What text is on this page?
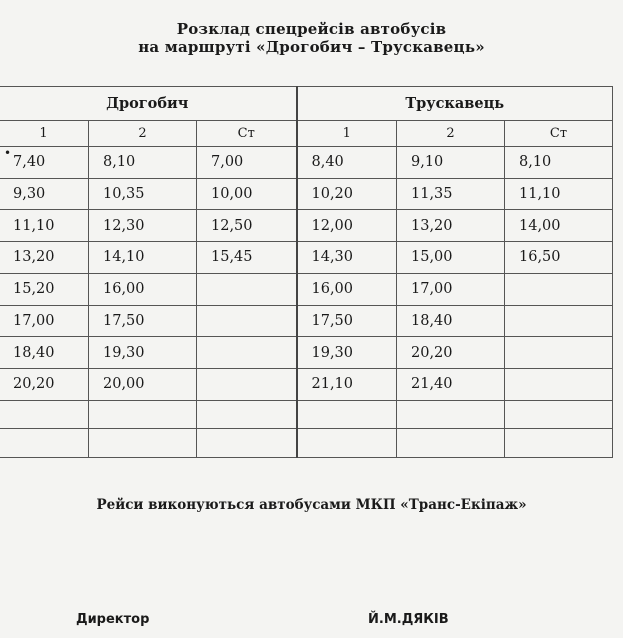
Розклад спецрейсів автобусів
на маршруті «Дрогобич – Трускавець»
•
Дрогобич			Трускавець		
1	2	Ст	1	2	Ст
7,40	8,10	7,00	8,40	9,10	8,10
9,30	10,35	10,00	10,20	11,35	11,10
11,10	12,30	12,50	12,00	13,20	14,00
13,20	14,10	15,45	14,30	15,00	16,50
15,20	16,00		16,00	17,00	
17,00	17,50		17,50	18,40	
18,40	19,30		19,30	20,20	
20,20	20,00		21,10	21,40	

Рейси виконуються автобусами МКП «Транс-Екіпаж»
Директор	Й.М.ДЯКІВ
